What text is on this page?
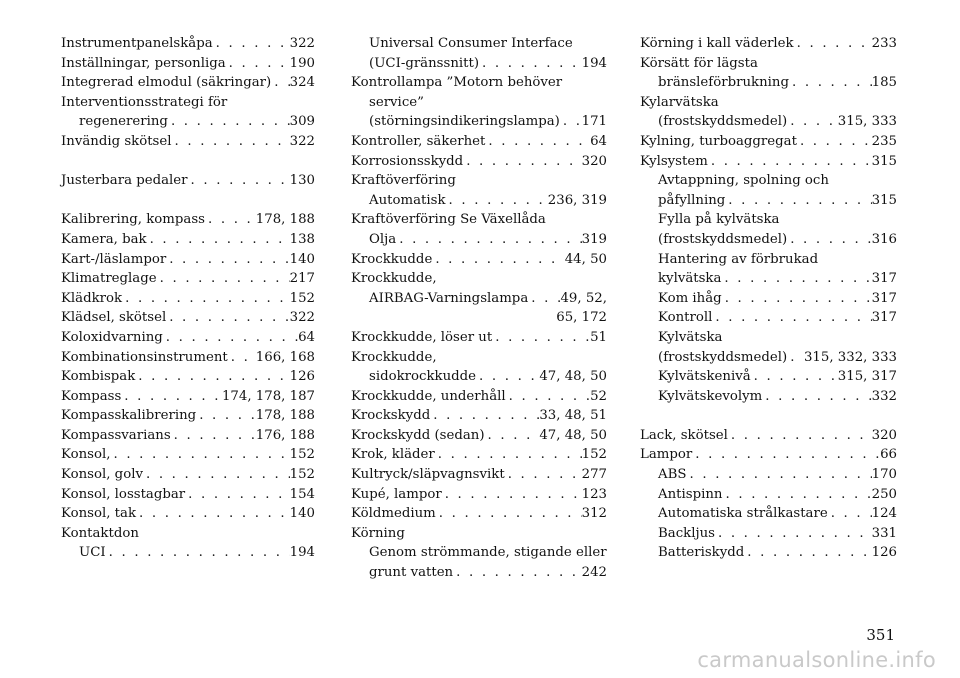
Instrumentpanelskåpa . . .	322
Inställningar, personliga . . .	190
Integrerad elmodul (säkringar) . . . 324
Interventionsstrategi för
regenerering . . .	309
Invändig skötsel . . .	322
Justerbara pedaler . . .	130
Kalibrering, kompass . . .	178, 188
Kamera, bak . . .	138
Kart-/läslampor . . .	140
Klimatreglage . . .	217
Klädkrok . . .	152
Klädsel, skötsel . . .	322
Koloxidvarning . . .	64
Kombinationsinstrument . . . 166, 168
Kombispak . . .	126
Kompass . . .	174, 178, 187
Kompasskalibrering . . .	178, 188
Kompassvarians . . .	176, 188
Konsol, . . .	152
Konsol, golv . . .	152
Konsol, losstagbar . . .	154
Konsol, tak . . .	140
Kontaktdon
UCI . . .	194
Universal Consumer Interface
(UCI-gränssnitt) . . .	194
Kontrollampa ”Motorn behöver
service”
(störningsindikeringslampa) . . . 171
Kontroller, säkerhet . . .	64
Korrosionsskydd . . .	320
Kraftöverföring
Automatisk . . .	236, 319
Kraftöverföring Se Växellåda
Olja . . .	319
Krockkudde . . .	44, 50
Krockkudde,
AIRBAG-Varningslampa . . . 49, 52,
65, 172
Krockkudde, löser ut . . .	51
Krockkudde,
sidokrockkudde . . .	47, 48, 50
Krockkudde, underhåll . . .	52
Krockskydd . . .	33, 48, 51
Krockskydd (sedan) . . .	47, 48, 50
Krok, kläder . . .	152
Kultryck/släpvagnsvikt . . .	277
Kupé, lampor . . .	123
Köldmedium . . .	312
Körning
Genom strömmande, stigande eller
grunt vatten . . .	242
Körning i kall väderlek . . .	233
Körsätt för lägsta
bränsleförbrukning . . .	185
Kylarvätska
(frostskyddsmedel) . . .	315, 333
Kylning, turboaggregat . . .	235
Kylsystem . . .	315
Avtappning, spolning och
påfyllning . . .	315
Fylla på kylvätska
(frostskyddsmedel) . . .	316
Hantering av förbrukad
kylvätska . . .	317
Kom ihåg . . .	317
Kontroll . . .	317
Kylvätska
(frostskyddsmedel) . . . 315, 332, 333
Kylvätskenivå . . .	315, 317
Kylvätskevolym . . .	332
Lack, skötsel . . .	320
Lampor . . .	66
ABS . . .	170
Antispinn . . .	250
Automatiska strålkastare . . .	124
Backljus . . .	331
Batteriskydd . . .	126
351
carmanualsonline.info
